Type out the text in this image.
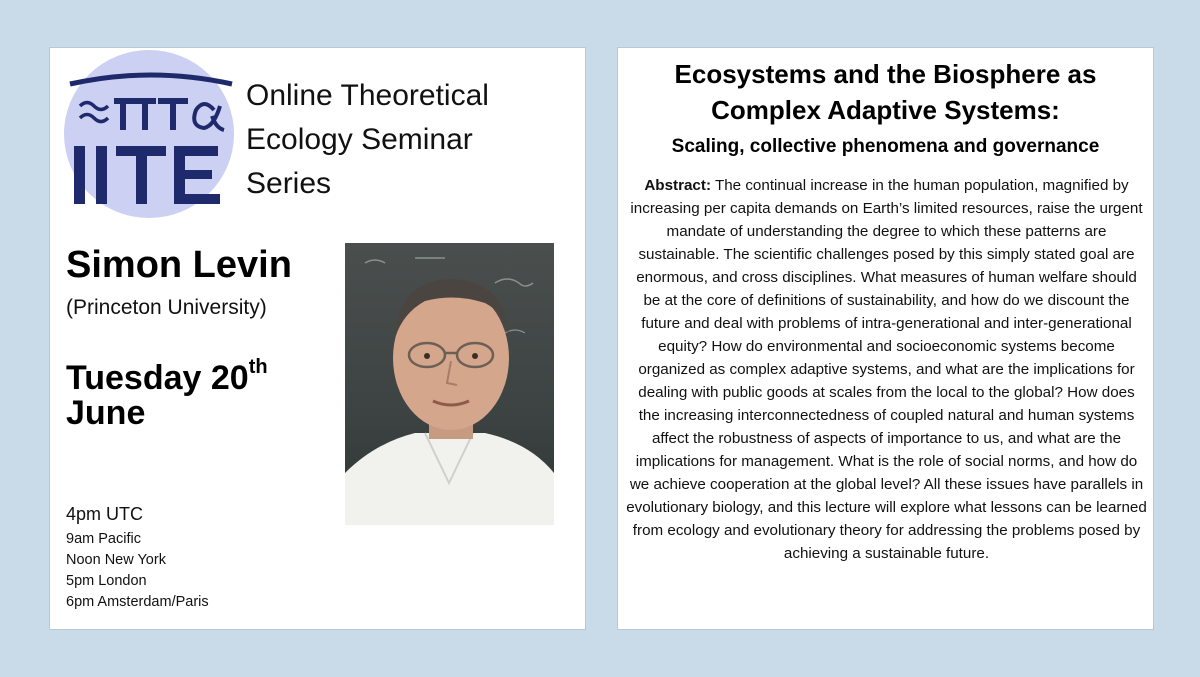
Online Theoretical
Ecology Seminar
Series
Simon Levin
(Princeton University)
Tuesday 20th
June
4pm UTC
9am Pacific
Noon New York
5pm London
6pm Amsterdam/Paris
Ecosystems and the Biosphere as Complex Adaptive Systems:
Scaling, collective phenomena and governance
Abstract: The continual increase in the human population, magnified by increasing per capita demands on Earth’s limited resources, raise the urgent mandate of understanding the degree to which these patterns are sustainable. The scientific challenges posed by this simply stated goal are enormous, and cross disciplines. What measures of human welfare should be at the core of definitions of sustainability, and how do we discount the future and deal with problems of intra-generational and inter-generational equity? How do environmental and socioeconomic systems become organized as complex adaptive systems, and what are the implications for dealing with public goods at scales from the local to the global? How does the increasing interconnectedness of coupled natural and human systems affect the robustness of aspects of importance to us, and what are the implications for management. What is the role of social norms, and how do we achieve cooperation at the global level? All these issues have parallels in evolutionary biology, and this lecture will explore what lessons can be learned from ecology and evolutionary theory for addressing the problems posed by achieving a sustainable future.
